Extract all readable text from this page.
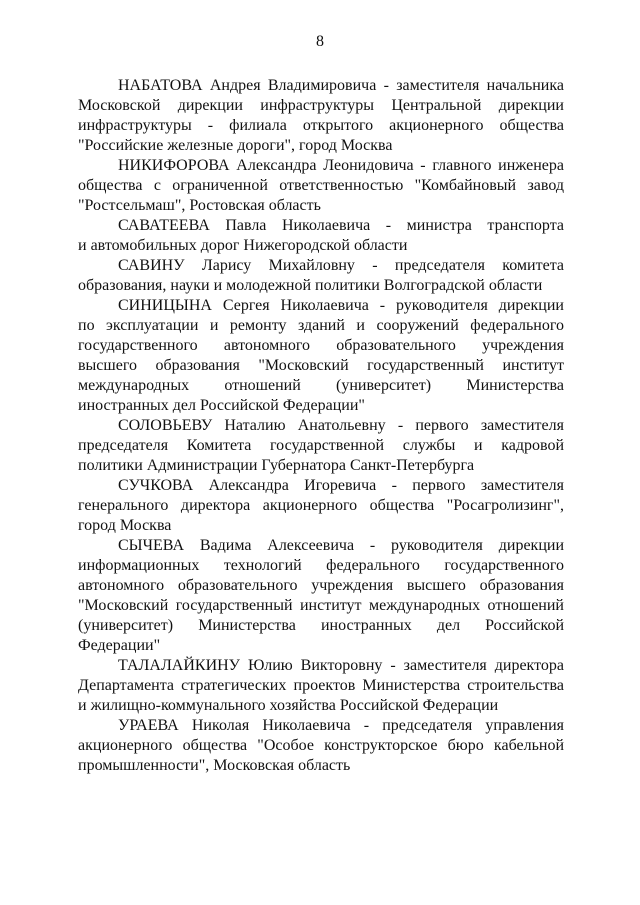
8
НАБАТОВА Андрея Владимировича - заместителя начальника
Московской дирекции инфраструктуры Центральной дирекции
инфраструктуры - филиала открытого акционерного общества
"Российские железные дороги", город Москва
НИКИФОРОВА Александра Леонидовича - главного инженера
общества с ограниченной ответственностью "Комбайновый завод
"Ростсельмаш", Ростовская область
САВАТЕЕВА Павла Николаевича - министра транспорта
и автомобильных дорог Нижегородской области
САВИНУ Ларису Михайловну - председателя комитета
образования, науки и молодежной политики Волгоградской области
СИНИЦЫНА Сергея Николаевича - руководителя дирекции
по эксплуатации и ремонту зданий и сооружений федерального
государственного автономного образовательного учреждения
высшего образования "Московский государственный институт
международных отношений (университет) Министерства
иностранных дел Российской Федерации"
СОЛОВЬЕВУ Наталию Анатольевну - первого заместителя
председателя Комитета государственной службы и кадровой
политики Администрации Губернатора Санкт-Петербурга
СУЧКОВА Александра Игоревича - первого заместителя
генерального директора акционерного общества "Росагролизинг",
город Москва
СЫЧЕВА Вадима Алексеевича - руководителя дирекции
информационных технологий федерального государственного
автономного образовательного учреждения высшего образования
"Московский государственный институт международных отношений
(университет) Министерства иностранных дел Российской
Федерации"
ТАЛАЛАЙКИНУ Юлию Викторовну - заместителя директора
Департамента стратегических проектов Министерства строительства
и жилищно-коммунального хозяйства Российской Федерации
УРАЕВА Николая Николаевича - председателя управления
акционерного общества "Особое конструкторское бюро кабельной
промышленности", Московская область
